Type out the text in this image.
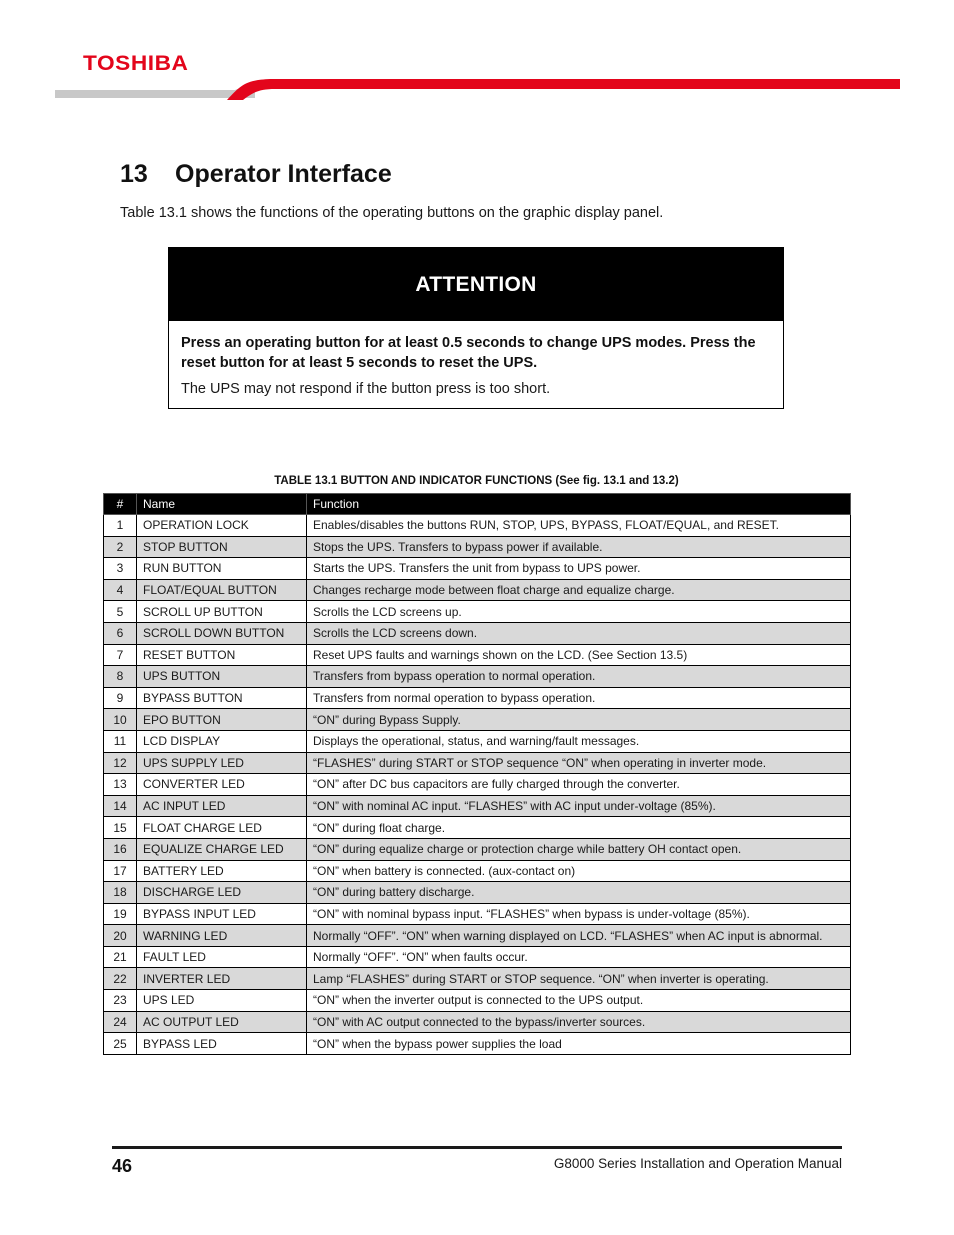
TOSHIBA
13 Operator Interface

Table 13.1 shows the functions of the operating buttons on the graphic display panel.

ATTENTION

Press an operating button for at least 0.5 seconds to change UPS modes. Press the reset button for at least 5 seconds to reset the UPS.

The UPS may not respond if the button press is too short.

TABLE 13.1 BUTTON AND INDICATOR FUNCTIONS (See fig. 13.1 and 13.2)
#	Name	Function
1	OPERATION LOCK	Enables/disables the buttons RUN, STOP, UPS, BYPASS, FLOAT/EQUAL, and RESET.
2	STOP BUTTON	Stops the UPS. Transfers to bypass power if available.
3	RUN BUTTON	Starts the UPS. Transfers the unit from bypass to UPS power.
4	FLOAT/EQUAL BUTTON	Changes recharge mode between float charge and equalize charge.
5	SCROLL UP BUTTON	Scrolls the LCD screens up.
6	SCROLL DOWN BUTTON	Scrolls the LCD screens down.
7	RESET BUTTON	Reset UPS faults and warnings shown on the LCD. (See Section 13.5)
8	UPS BUTTON	Transfers from bypass operation to normal operation.
9	BYPASS BUTTON	Transfers from normal operation to bypass operation.
10	EPO BUTTON	“ON” during Bypass Supply.
11	LCD DISPLAY	Displays the operational, status, and warning/fault messages.
12	UPS SUPPLY LED	“FLASHES” during START or STOP sequence “ON” when operating in inverter mode.
13	CONVERTER LED	“ON” after DC bus capacitors are fully charged through the converter.
14	AC INPUT LED	“ON” with nominal AC input. “FLASHES” with AC input under-voltage (85%).
15	FLOAT CHARGE LED	“ON” during float charge.
16	EQUALIZE CHARGE LED	“ON” during equalize charge or protection charge while battery OH contact open.
17	BATTERY LED	“ON” when battery is connected. (aux-contact on)
18	DISCHARGE LED	“ON” during battery discharge.
19	BYPASS INPUT LED	“ON” with nominal bypass input. “FLASHES” when bypass is under-voltage (85%).
20	WARNING LED	Normally “OFF”. “ON” when warning displayed on LCD. “FLASHES” when AC input is abnormal.
21	FAULT LED	Normally “OFF”. “ON” when faults occur.
22	INVERTER LED	Lamp “FLASHES” during START or STOP sequence. “ON” when inverter is operating.
23	UPS LED	“ON” when the inverter output is connected to the UPS output.
24	AC OUTPUT LED	“ON” with AC output connected to the bypass/inverter sources.
25	BYPASS LED	“ON” when the bypass power supplies the load
46	G8000 Series Installation and Operation Manual
